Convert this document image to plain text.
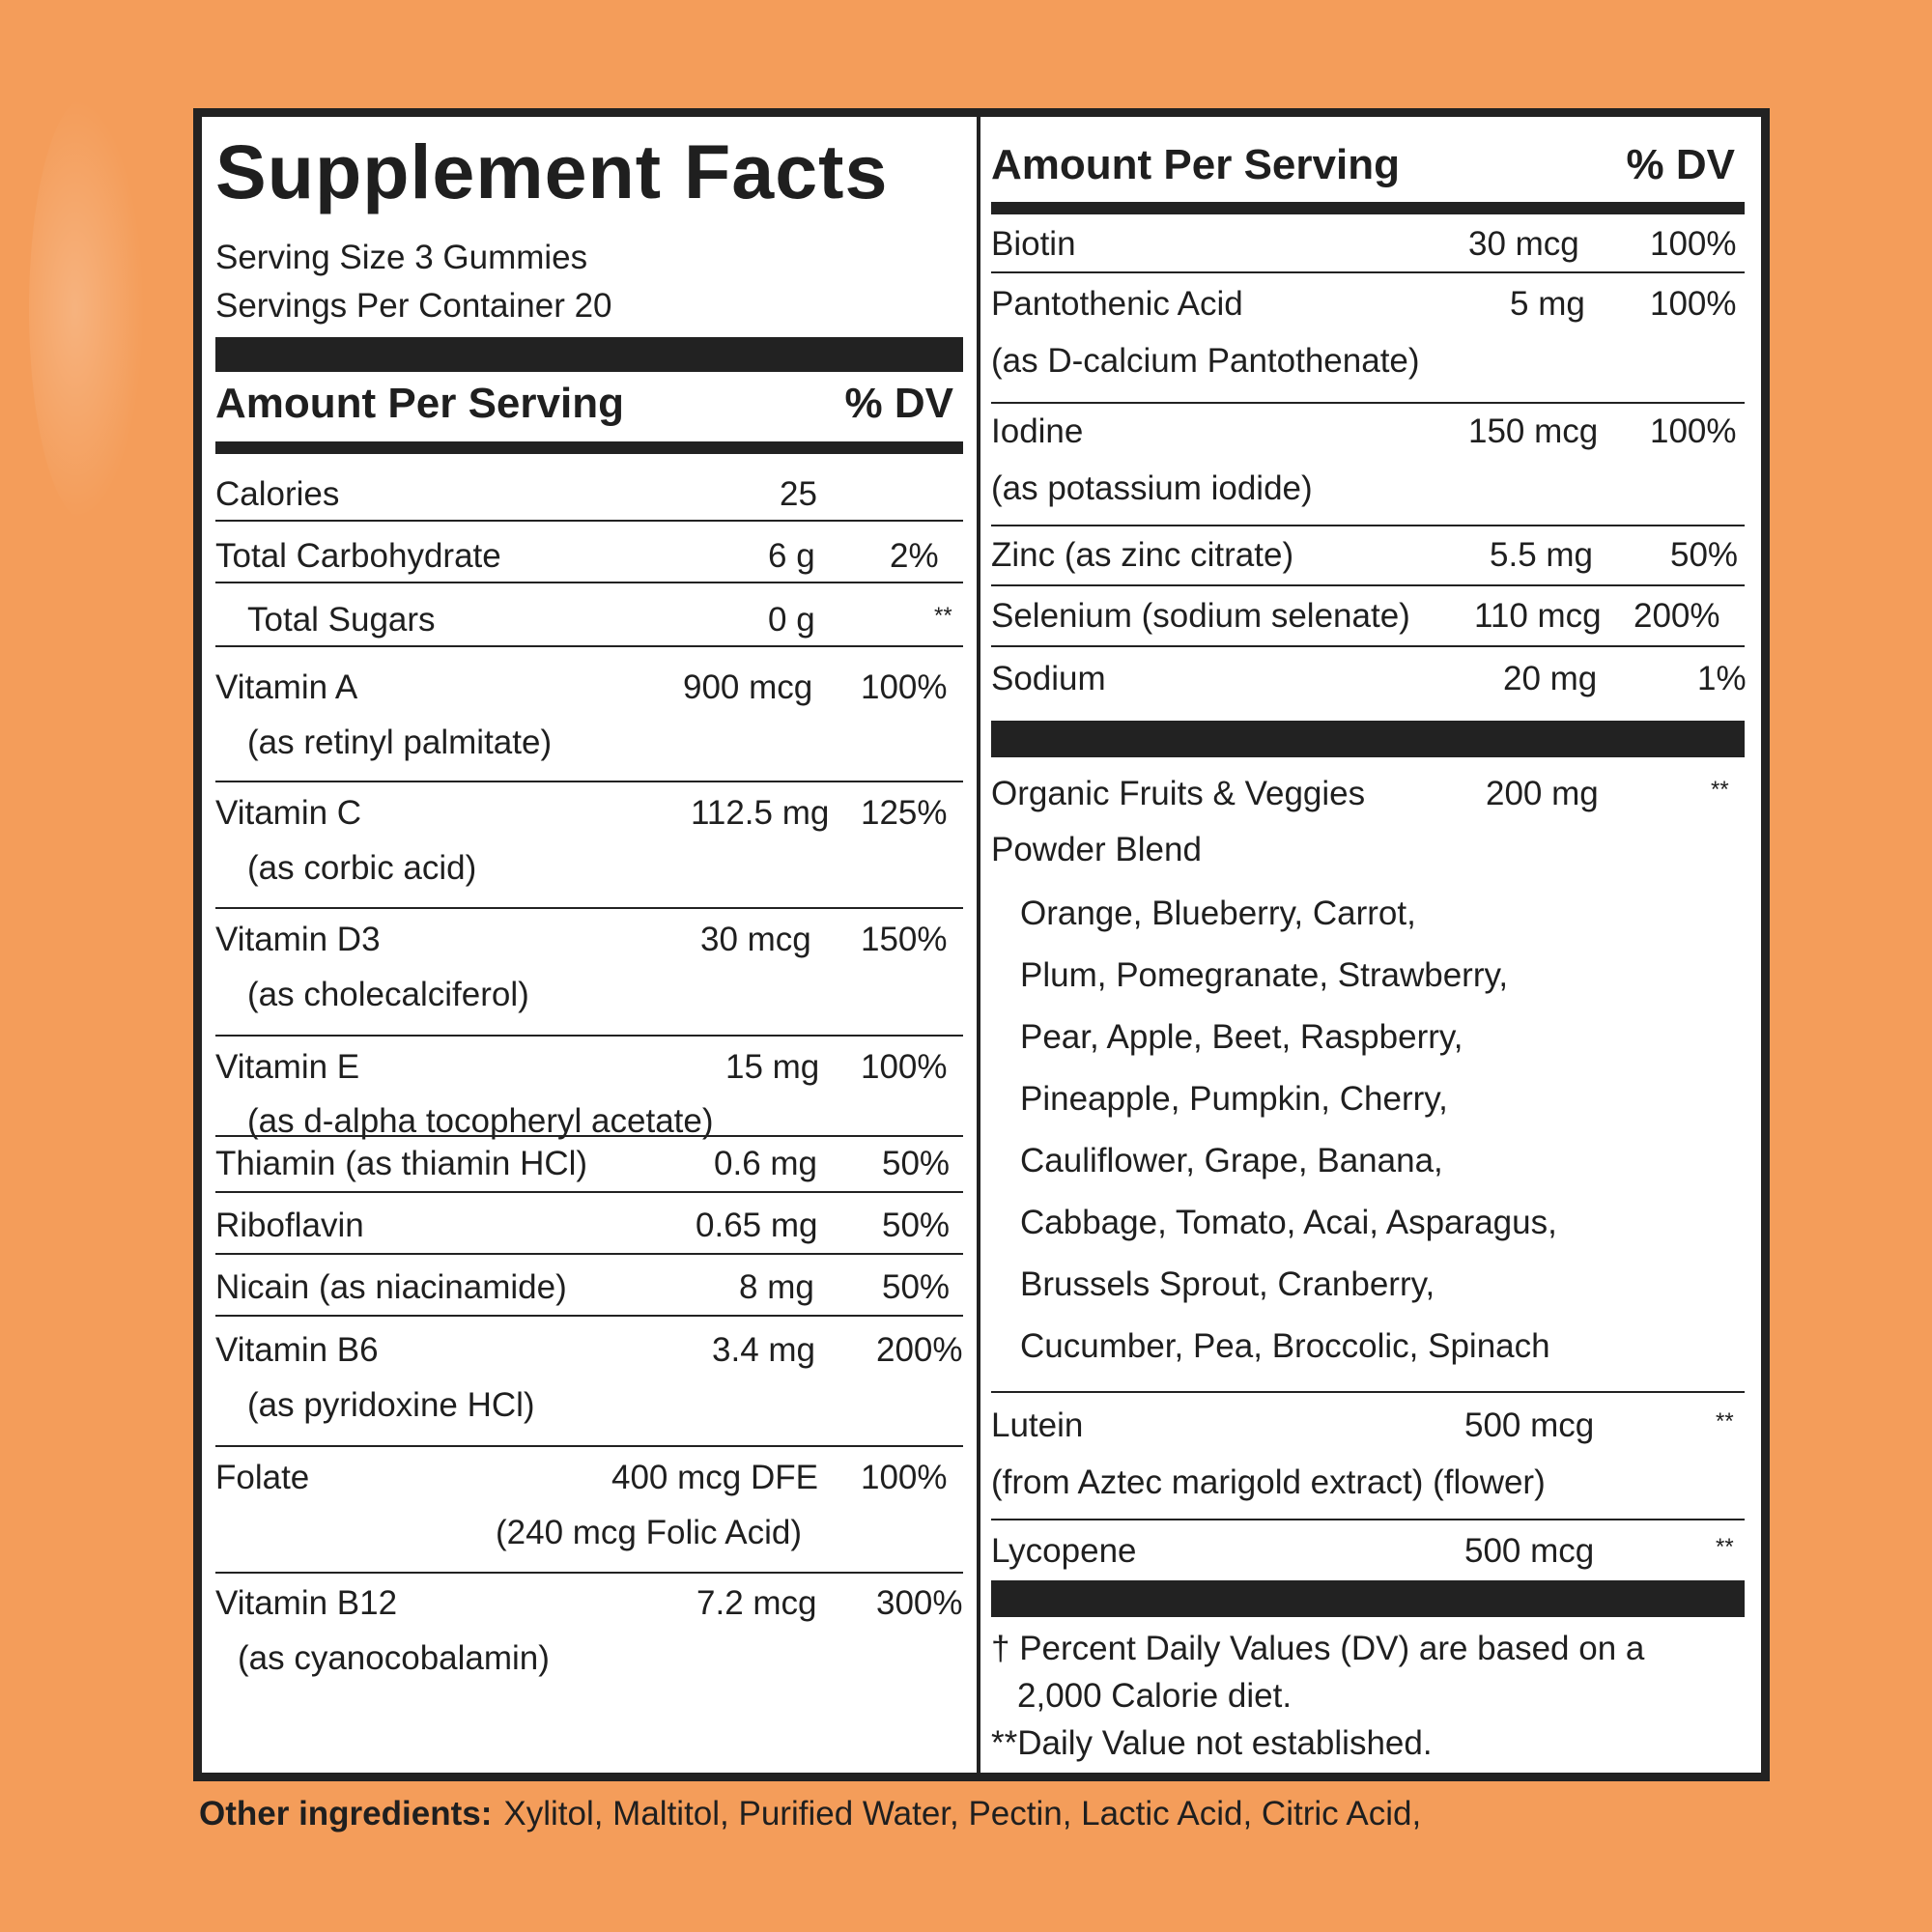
Supplement Facts
Serving Size 3 Gummies
Servings Per Container 20
Amount Per Serving	% DV
Calories	25
Total Carbohydrate	6 g 2%
Total Sugars	0 g	**
Vitamin A	900 mcg 100%
(as retinyl palmitate)
Vitamin C	112.5 mg 125%
(as corbic acid)
Vitamin D3	30 mcg 150%
(as cholecalciferol)
Vitamin E	15 mg 100%
(as d-alpha tocopheryl acetate)
Thiamin (as thiamin HCl)	0.6 mg 50%
Riboflavin	0.65 mg 50%
Nicain (as niacinamide)	8 mg 50%
Vitamin B6	3.4 mg 200%
(as pyridoxine HCl)
Folate	400 mcg DFE 100%
(240 mcg Folic Acid)
Vitamin B12	7.2 mcg 300%
(as cyanocobalamin)
Amount Per Serving	% DV
Biotin	30 mcg 100%
Pantothenic Acid	5 mg 100%
(as D-calcium Pantothenate)
Iodine	150 mcg 100%
(as potassium iodide)
Zinc (as zinc citrate)	5.5 mg 50%
Selenium (sodium selenate) 110 mcg 200%
Sodium	20 mg	1%
Organic Fruits & Veggies	200 mg	**
Powder Blend
Orange, Blueberry, Carrot,
Plum, Pomegranate, Strawberry,
Pear, Apple, Beet, Raspberry,
Pineapple, Pumpkin, Cherry,
Cauliflower, Grape, Banana,
Cabbage, Tomato, Acai, Asparagus,
Brussels Sprout, Cranberry,
Cucumber, Pea, Broccolic, Spinach
Lutein	500 mcg	**
(from Aztec marigold extract) (flower)
Lycopene	500 mcg	**
† Percent Daily Values (DV) are based on a
2,000 Calorie diet.
**Daily Value not established.
Other ingredients: Xylitol, Maltitol, Purified Water, Pectin, Lactic Acid, Citric Acid,
